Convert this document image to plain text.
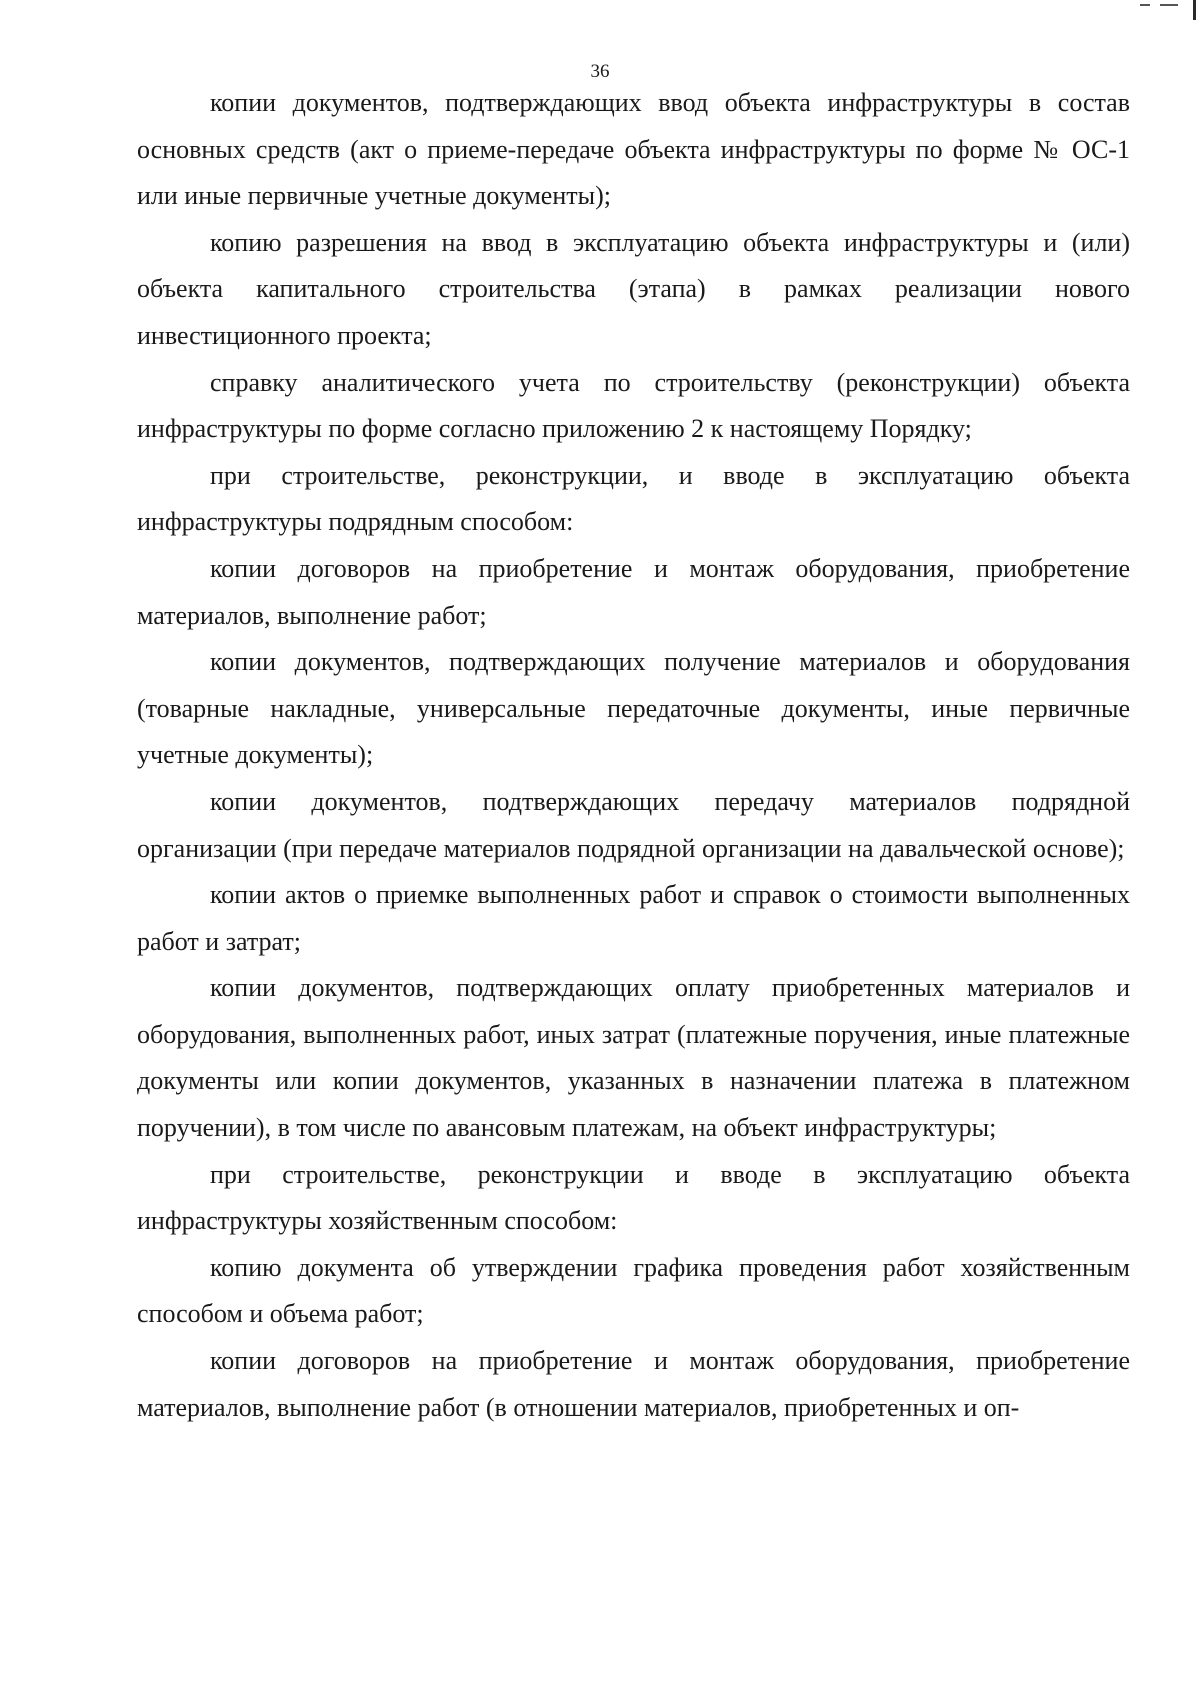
36

копии документов, подтверждающих ввод объекта инфраструктуры в состав основных средств (акт о приеме-передаче объекта инфраструктуры по форме № ОС-1 или иные первичные учетные документы);

копию разрешения на ввод в эксплуатацию объекта инфраструктуры и (или) объекта капитального строительства (этапа) в рамках реализации нового инвестиционного проекта;

справку аналитического учета по строительству (реконструкции) объекта инфраструктуры по форме согласно приложению 2 к настоящему Порядку;

при строительстве, реконструкции, и вводе в эксплуатацию объекта инфраструктуры подрядным способом:

копии договоров на приобретение и монтаж оборудования, приобретение материалов, выполнение работ;

копии документов, подтверждающих получение материалов и оборудования (товарные накладные, универсальные передаточные документы, иные первичные учетные документы);

копии документов, подтверждающих передачу материалов подрядной организации (при передаче материалов подрядной организации на давальческой основе);

копии актов о приемке выполненных работ и справок о стоимости выполненных работ и затрат;

копии документов, подтверждающих оплату приобретенных материалов и оборудования, выполненных работ, иных затрат (платежные поручения, иные платежные документы или копии документов, указанных в назначении платежа в платежном поручении), в том числе по авансовым платежам, на объект инфраструктуры;

при строительстве, реконструкции и вводе в эксплуатацию объекта инфраструктуры хозяйственным способом:

копию документа об утверждении графика проведения работ хозяйственным способом и объема работ;

копии договоров на приобретение и монтаж оборудования, приобретение материалов, выполнение работ (в отношении материалов, приобретенных и оп-
